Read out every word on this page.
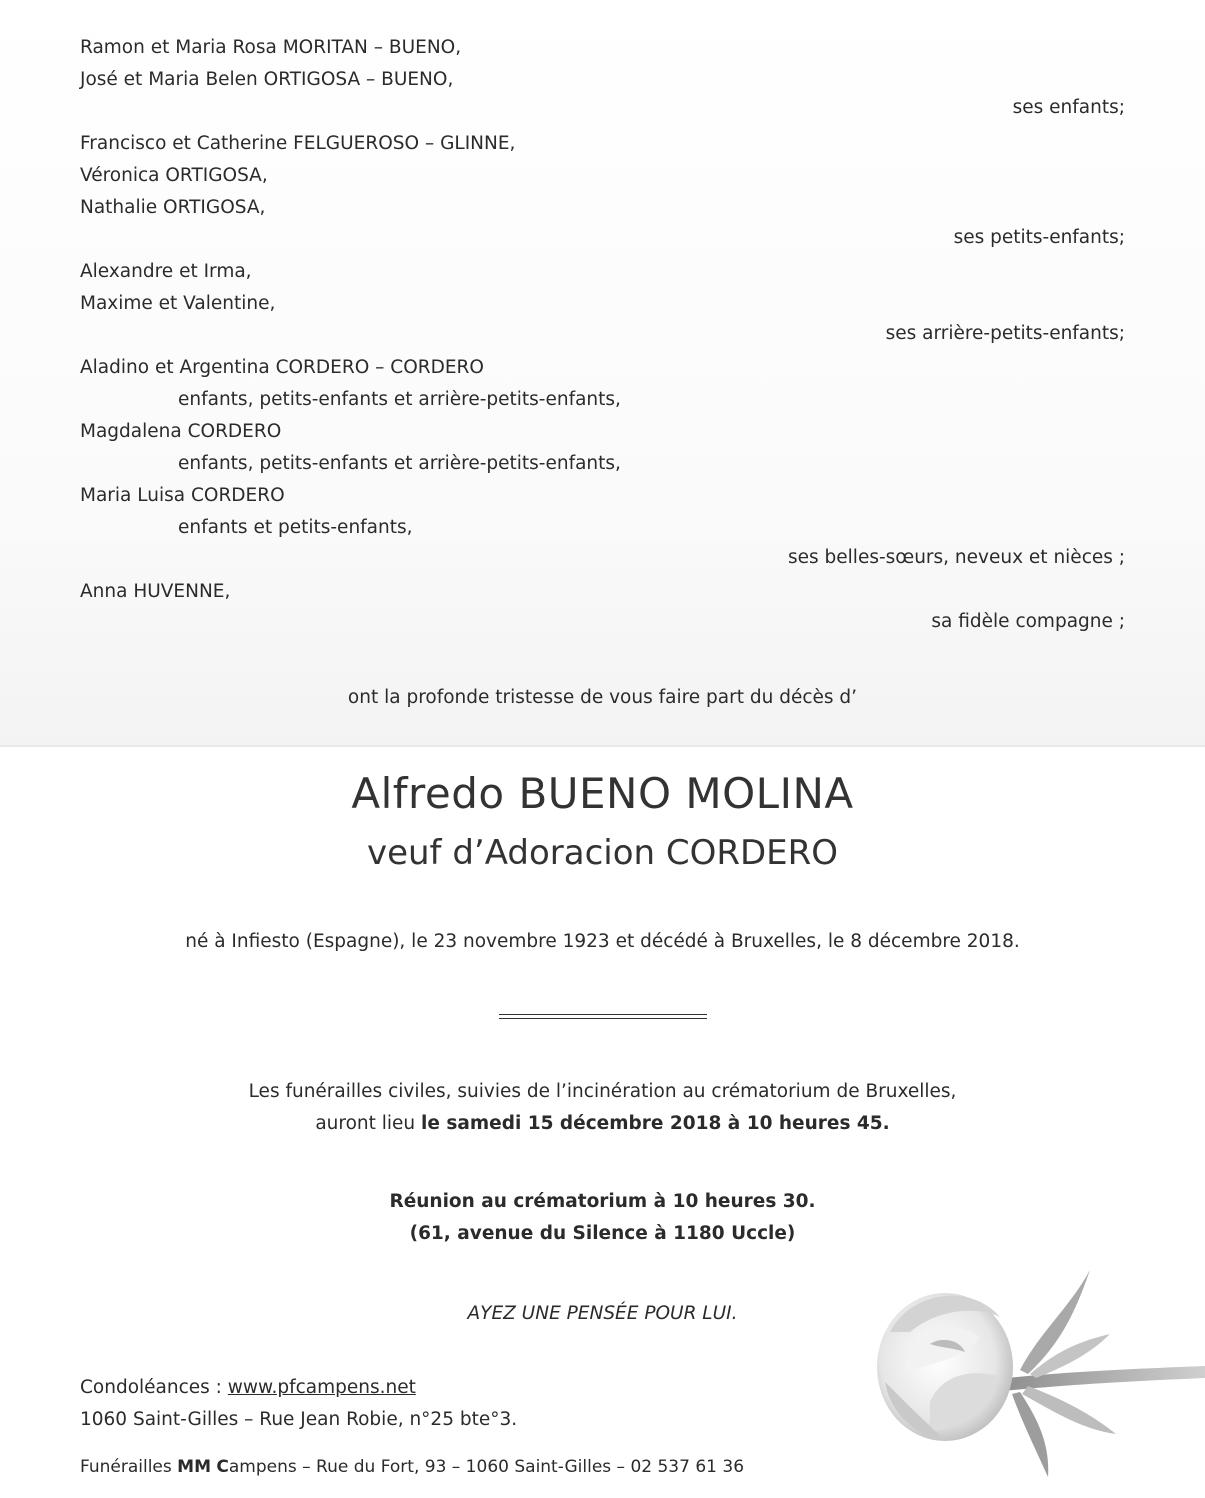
Ramon et Maria Rosa MORITAN – BUENO,
José et Maria Belen ORTIGOSA – BUENO,
ses enfants;
Francisco et Catherine FELGUEROSO – GLINNE,
Véronica ORTIGOSA,
Nathalie ORTIGOSA,
ses petits-enfants;
Alexandre et Irma,
Maxime et Valentine,
ses arrière-petits-enfants;
Aladino et Argentina CORDERO – CORDERO
enfants, petits-enfants et arrière-petits-enfants,
Magdalena CORDERO
enfants, petits-enfants et arrière-petits-enfants,
Maria Luisa CORDERO
enfants et petits-enfants,
ses belles-sœurs, neveux et nièces ;
Anna HUVENNE,
sa fidèle compagne ;
ont la profonde tristesse de vous faire part du décès d’
Alfredo BUENO MOLINA
veuf d’Adoracion CORDERO
né à Infiesto (Espagne), le 23 novembre 1923 et décédé à Bruxelles, le 8 décembre 2018.
Les funérailles civiles, suivies de l’incinération au crématorium de Bruxelles,
auront lieu le samedi 15 décembre 2018 à 10 heures 45.
Réunion au crématorium à 10 heures 30.
(61, avenue du Silence à 1180 Uccle)
AYEZ UNE PENSÉE POUR LUI.
Condoléances : www.pfcampens.net
1060 Saint-Gilles – Rue Jean Robie, n°25 bte°3.
Funérailles MM Campens – Rue du Fort, 93 – 1060 Saint-Gilles – 02 537 61 36
